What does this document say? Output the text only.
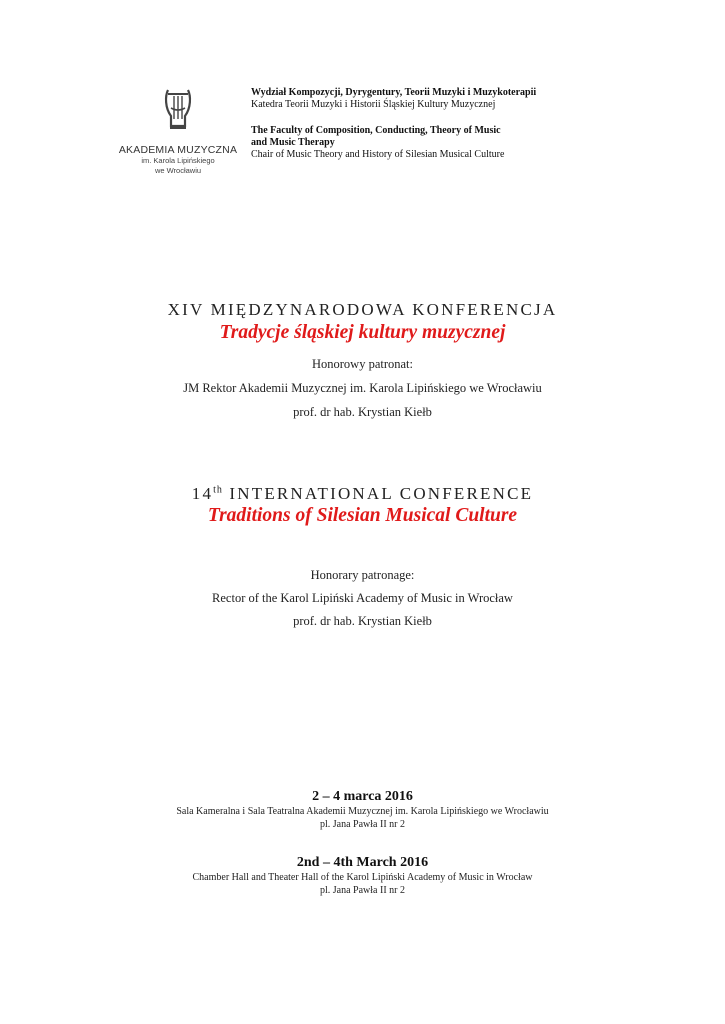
AKADEMIA MUZYCZNA
im. Karola Lipińskiego
we Wrocławiu
Wydział Kompozycji, Dyrygentury, Teorii Muzyki i Muzykoterapii
Katedra Teorii Muzyki i Historii Śląskiej Kultury Muzycznej
The Faculty of Composition, Conducting, Theory of Music
and Music Therapy
Chair of Music Theory and History of Silesian Musical Culture
XIV MIĘDZYNARODOWA KONFERENCJA
Tradycje śląskiej kultury muzycznej
Honorowy patronat:
JM Rektor Akademii Muzycznej im. Karola Lipińskiego we Wrocławiu
prof. dr hab. Krystian Kiełb
14th INTERNATIONAL CONFERENCE
Traditions of Silesian Musical Culture
Honorary patronage:
Rector of the Karol Lipiński Academy of Music in Wrocław
prof. dr hab. Krystian Kiełb
2 – 4 marca 2016
Sala Kameralna i Sala Teatralna Akademii Muzycznej im. Karola Lipińskiego we Wrocławiu
pl. Jana Pawła II nr 2
2nd – 4th March 2016
Chamber Hall and Theater Hall of the Karol Lipiński Academy of Music in Wrocław
pl. Jana Pawła II nr 2
